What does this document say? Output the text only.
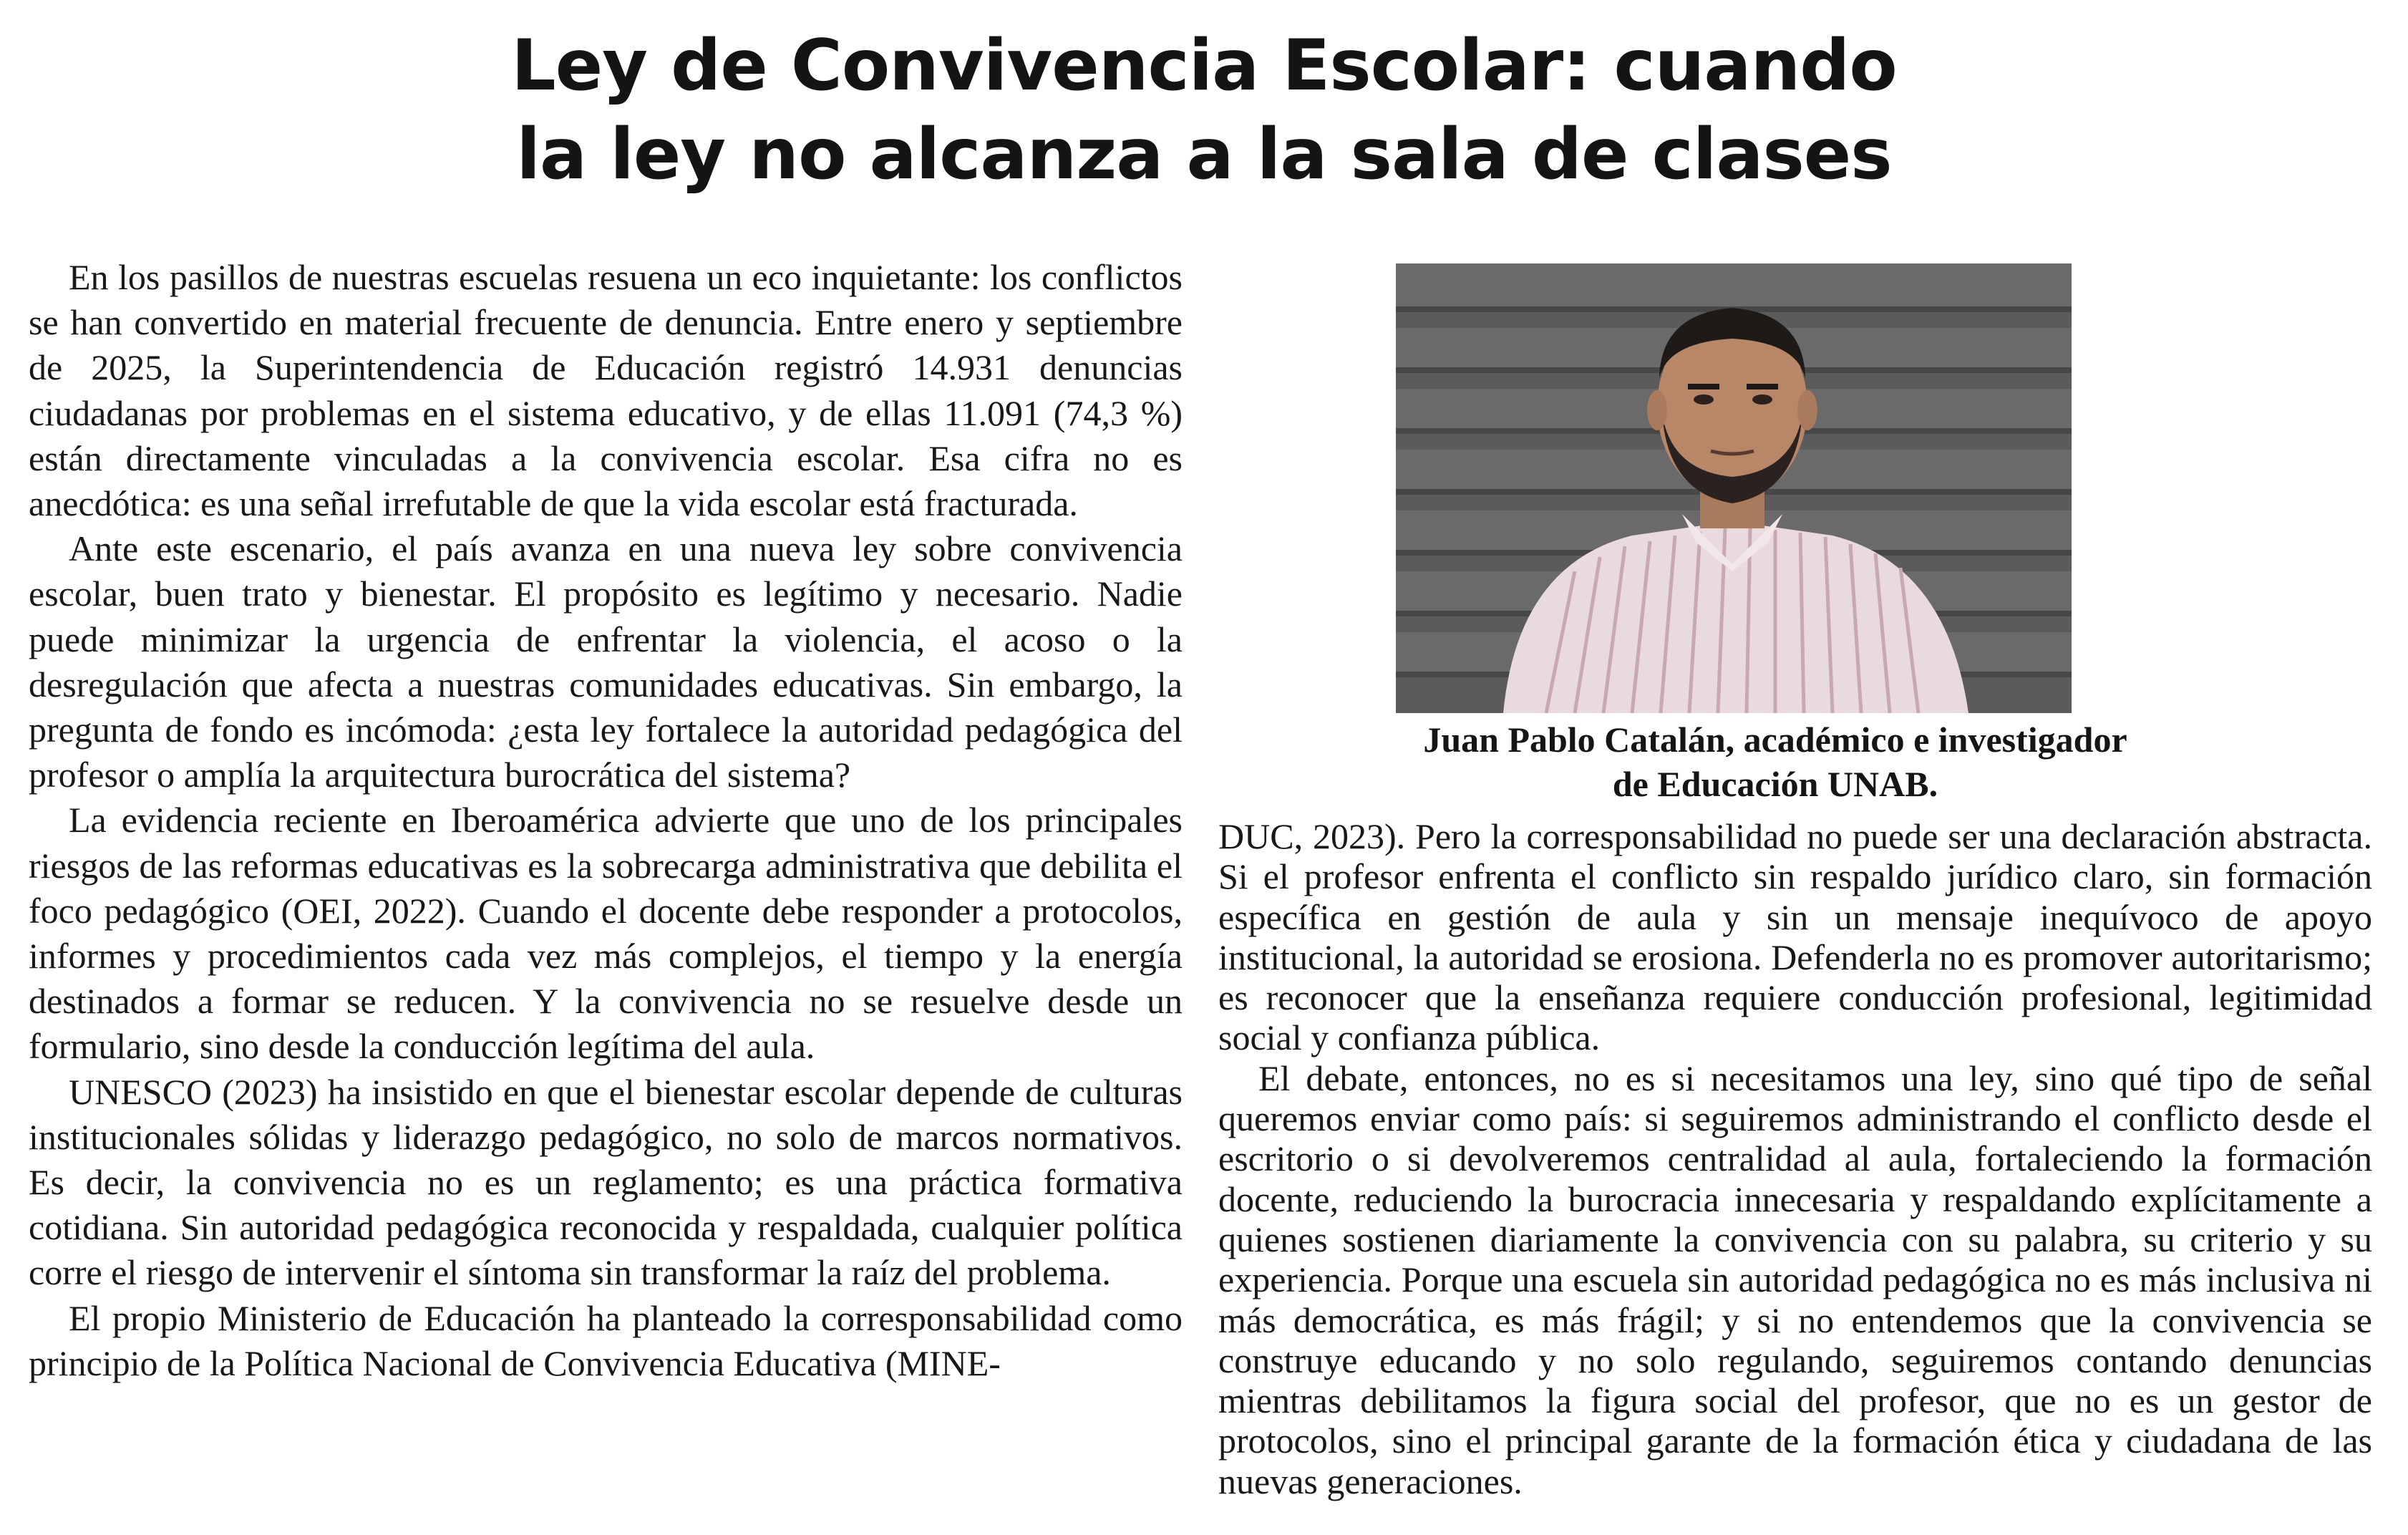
Ley de Convivencia Escolar: cuando
la ley no alcanza a la sala de clases

En los pasillos de nuestras escuelas resuena un eco inquietante: los conflictos se han convertido en material frecuente de denuncia. Entre enero y septiembre de 2025, la Superintendencia de Educación registró 14.931 denuncias ciudadanas por problemas en el sistema educativo, y de ellas 11.091 (74,3 %) están directamente vinculadas a la convivencia escolar. Esa cifra no es anecdótica: es una señal irrefutable de que la vida escolar está fracturada.

Ante este escenario, el país avanza en una nueva ley sobre convivencia escolar, buen trato y bienestar. El propósito es legítimo y necesario. Nadie puede minimizar la urgencia de enfrentar la violencia, el acoso o la desregulación que afecta a nuestras comunidades educativas. Sin embargo, la pregunta de fondo es incómoda: ¿esta ley fortalece la autoridad pedagógica del profesor o amplía la arquitectura burocrática del sistema?

La evidencia reciente en Iberoamérica advierte que uno de los principales riesgos de las reformas educativas es la sobrecarga administrativa que debilita el foco pedagógico (OEI, 2022). Cuando el docente debe responder a protocolos, informes y procedimientos cada vez más complejos, el tiempo y la energía destinados a formar se reducen. Y la convivencia no se resuelve desde un formulario, sino desde la conducción legítima del aula.

UNESCO (2023) ha insistido en que el bienestar escolar depende de culturas institucionales sólidas y liderazgo pedagógico, no solo de marcos normativos. Es decir, la convivencia no es un reglamento; es una práctica formativa cotidiana. Sin autoridad pedagógica reconocida y respaldada, cualquier política corre el riesgo de intervenir el síntoma sin transformar la raíz del problema.

El propio Ministerio de Educación ha planteado la corresponsabilidad como principio de la Política Nacional de Convivencia Educativa (MINE-

Juan Pablo Catalán, académico e investigador
de Educación UNAB.

DUC, 2023). Pero la corresponsabilidad no puede ser una declaración abstracta. Si el profesor enfrenta el conflicto sin respaldo jurídico claro, sin formación específica en gestión de aula y sin un mensaje inequívoco de apoyo institucional, la autoridad se erosiona. Defenderla no es promover autoritarismo; es reconocer que la enseñanza requiere conducción profesional, legitimidad social y confianza pública.

El debate, entonces, no es si necesitamos una ley, sino qué tipo de señal queremos enviar como país: si seguiremos administrando el conflicto desde el escritorio o si devolveremos centralidad al aula, fortaleciendo la formación docente, reduciendo la burocracia innecesaria y respaldando explícitamente a quienes sostienen diariamente la convivencia con su palabra, su criterio y su experiencia. Porque una escuela sin autoridad pedagógica no es más inclusiva ni más democrática, es más frágil; y si no entendemos que la convivencia se construye educando y no solo regulando, seguiremos contando denuncias mientras debilitamos la figura social del profesor, que no es un gestor de protocolos, sino el principal garante de la formación ética y ciudadana de las nuevas generaciones.
